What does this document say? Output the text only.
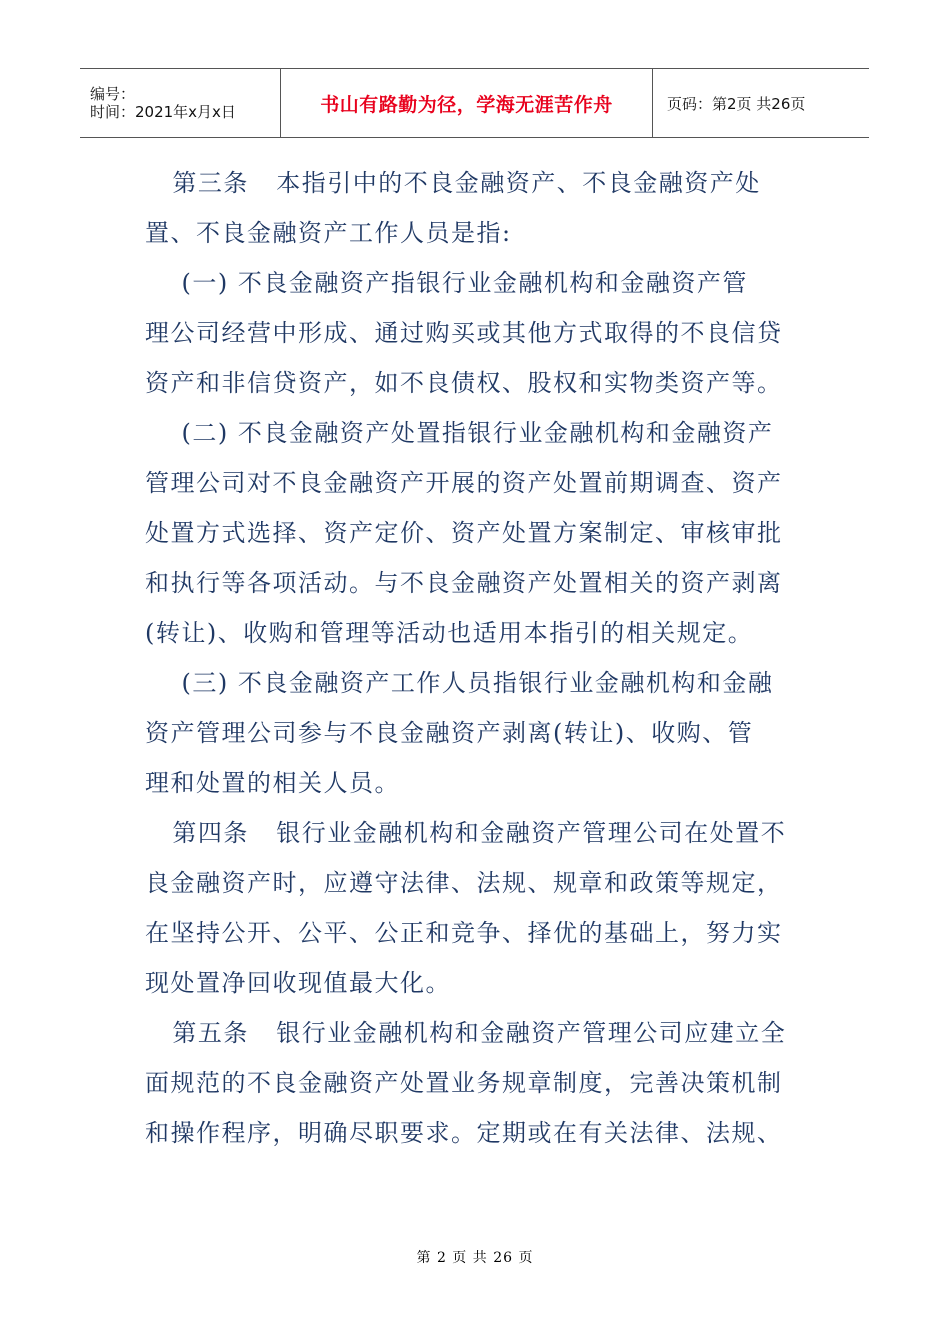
编号：
时间：2021年x月x日	书山有路勤为径，学海无涯苦作舟	页码：第2页 共26页
第三条   本指引中的不良金融资产、不良金融资产处
置、不良金融资产工作人员是指:
(一) 不良金融资产指银行业金融机构和金融资产管
理公司经营中形成、通过购买或其他方式取得的不良信贷
资产和非信贷资产，如不良债权、股权和实物类资产等。
(二) 不良金融资产处置指银行业金融机构和金融资产
管理公司对不良金融资产开展的资产处置前期调查、资产
处置方式选择、资产定价、资产处置方案制定、审核审批
和执行等各项活动。与不良金融资产处置相关的资产剥离
(转让)、收购和管理等活动也适用本指引的相关规定。
(三) 不良金融资产工作人员指银行业金融机构和金融
资产管理公司参与不良金融资产剥离(转让)、收购、管
理和处置的相关人员。
第四条   银行业金融机构和金融资产管理公司在处置不
良金融资产时，应遵守法律、法规、规章和政策等规定，
在坚持公开、公平、公正和竞争、择优的基础上，努力实
现处置净回收现值最大化。
第五条   银行业金融机构和金融资产管理公司应建立全
面规范的不良金融资产处置业务规章制度，完善决策机制
和操作程序，明确尽职要求。定期或在有关法律、法规、
第 2 页 共 26 页
